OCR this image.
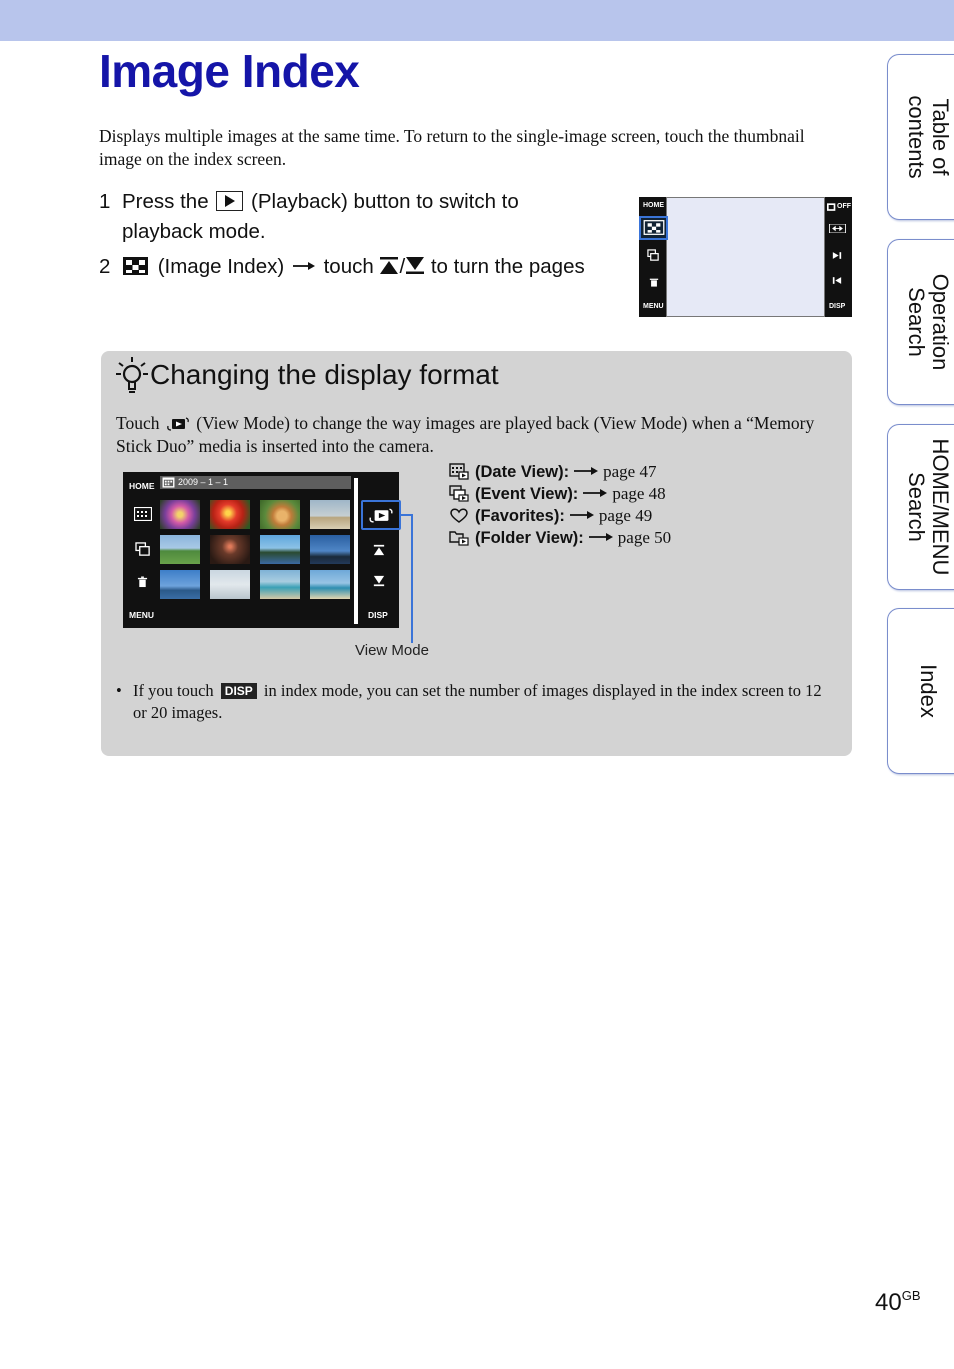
Image Index

Displays multiple images at the same time. To return to the single-image screen, touch the thumbnail image on the index screen.

1 Press the (Playback) button to switch to
playback mode.
2	(Image Index) touch / to turn the pages
HOME
MENU
OFF
DISP
Changing the display format

Touch (View Mode) to change the way images are played back (View Mode) when a “Memory Stick Duo” media is inserted into the camera.

HOME	2009 – 1 – 1
MENU	DISP
View Mode
(Date View): page 47
(Event View): page 48
(Favorites): page 49
(Folder View): page 50
• If you touch DISP in index mode, you can set the number of images displayed in the index screen to 12 or 20 images.
Table of
contents
Operation
Search
HOME/MENU
Search
Index
$40^{GB}$
